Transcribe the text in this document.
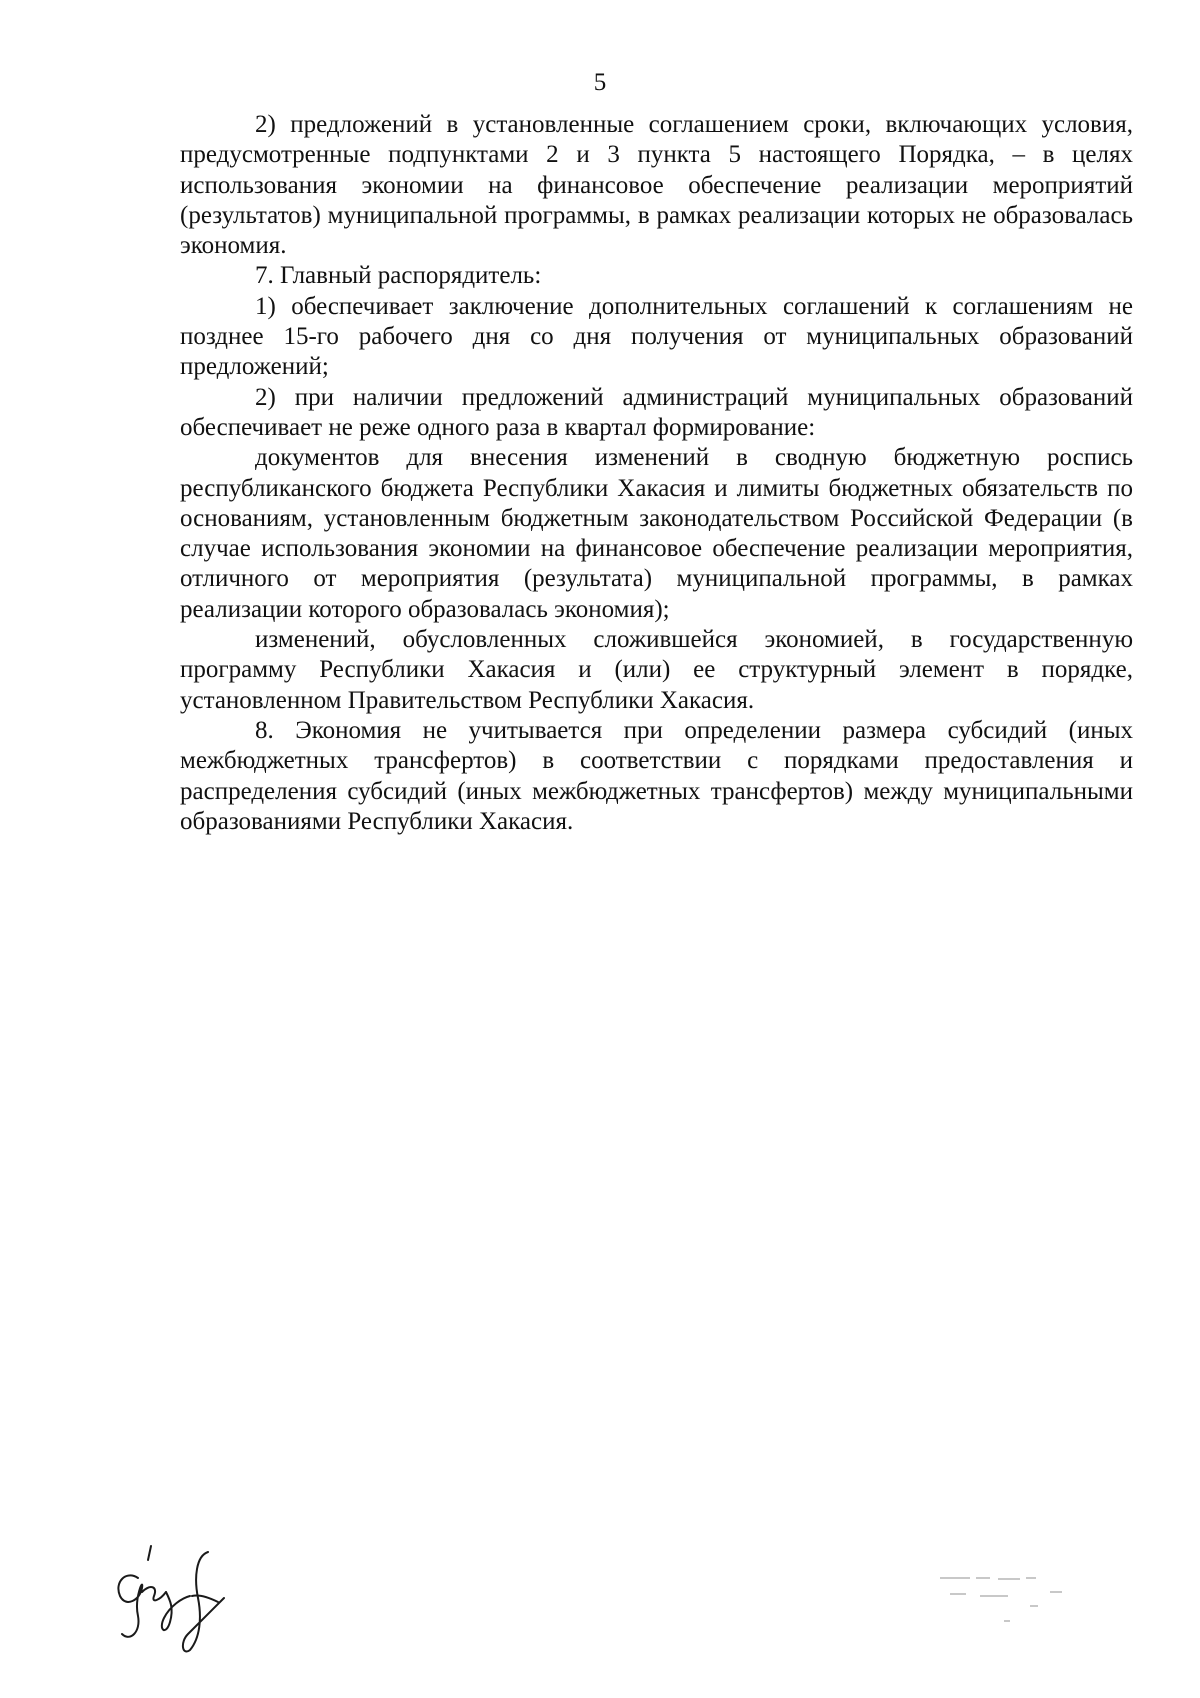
5

2) предложений в установленные соглашением сроки, включающих условия, предусмотренные подпунктами 2 и 3 пункта 5 настоящего Порядка, – в целях использования экономии на финансовое обеспечение реализации мероприятий (результатов) муниципальной программы, в рамках реализации которых не образовалась экономия.

7. Главный распорядитель:

1) обеспечивает заключение дополнительных соглашений к соглашениям не позднее 15-го рабочего дня со дня получения от муниципальных образований предложений;

2) при наличии предложений администраций муниципальных образований обеспечивает не реже одного раза в квартал формирование:

документов для внесения изменений в сводную бюджетную роспись республиканского бюджета Республики Хакасия и лимиты бюджетных обязательств по основаниям, установленным бюджетным законодательством Российской Федерации (в случае использования экономии на финансовое обеспечение реализации мероприятия, отличного от мероприятия (результата) муниципальной программы, в рамках реализации которого образовалась экономия);

изменений, обусловленных сложившейся экономией, в государственную программу Республики Хакасия и (или) ее структурный элемент в порядке, установленном Правительством Республики Хакасия.

8. Экономия не учитывается при определении размера субсидий (иных межбюджетных трансфертов) в соответствии с порядками предоставления и распределения субсидий (иных межбюджетных трансфертов) между муниципальными образованиями Республики Хакасия.
